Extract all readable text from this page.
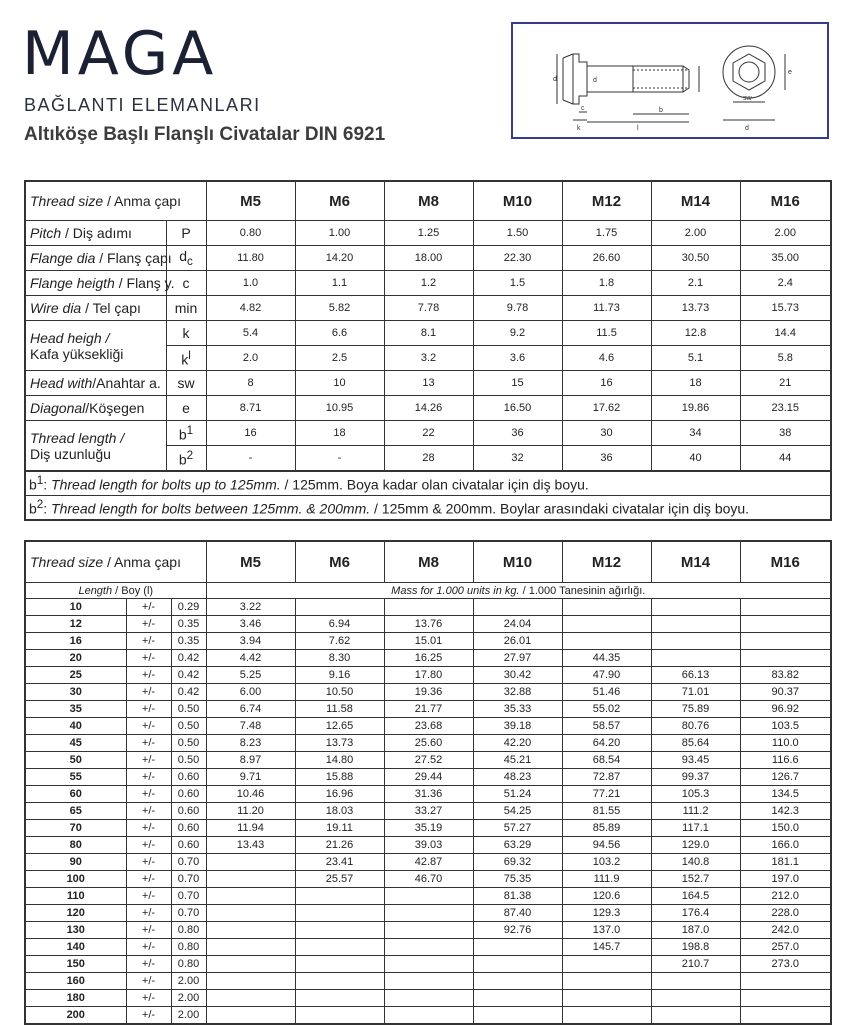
MAGA
BAĞLANTI ELEMANLARI
Altıköşe Başlı Flanşlı Civatalar DIN 6921
d	d
c
k
b
l
e
sw
d
Thread size / Anma çapı		M5	M6	M8	M10	M12	M14	M16
Pitch / Diş adımı	P	0.80	1.00	1.25	1.50	1.75	2.00	2.00
Flange dia / Flanş çapı	$d_c$	11.80	14.20	18.00	22.30	26.60	30.50	35.00
Flange heigth / Flanş y.	c	1.0	1.1	1.2	1.5	1.8	2.1	2.4
Wire dia / Tel çapı	min	4.82	5.82	7.78	9.78	11.73	13.73	15.73
Head heigh /
Kafa yüksekliği	k	5.4	6.6	8.1	9.2	11.5	12.8	14.4
	$k^l$	2.0	2.5	3.2	3.6	4.6	5.1	5.8
Head with/Anahtar a.	sw	8	10	13	15	16	18	21
Diagonal/Köşegen	e	8.71	10.95	14.26	16.50	17.62	19.86	23.15
Thread length /
Diş uzunluğu	$b^1$	16	18	22	36	30	34	38
	$b^2$	-	-	28	32	36	40	44
$b^1$: Thread length for bolts up to 125mm. / 125mm. Boya kadar olan civatalar için diş boyu.								
$b^2$: Thread length for bolts between 125mm. & 200mm. / 125mm & 200mm. Boylar arasındaki civatalar için diş boyu.								
Thread size / Anma çapı			M5	M6	M8	M10	M12	M14	M16
Length / Boy (l)			Mass for 1.000 units in kg. / 1.000 Tanesinin ağırlığı.						
10	+/-	0.29	3.22						
12	+/-	0.35	3.46	6.94	13.76	24.04			
16	+/-	0.35	3.94	7.62	15.01	26.01			
20	+/-	0.42	4.42	8.30	16.25	27.97	44.35		
25	+/-	0.42	5.25	9.16	17.80	30.42	47.90	66.13	83.82
30	+/-	0.42	6.00	10.50	19.36	32.88	51.46	71.01	90.37
35	+/-	0.50	6.74	11.58	21.77	35.33	55.02	75.89	96.92
40	+/-	0.50	7.48	12.65	23.68	39.18	58.57	80.76	103.5
45	+/-	0.50	8.23	13.73	25.60	42.20	64.20	85.64	110.0
50	+/-	0.50	8.97	14.80	27.52	45.21	68.54	93.45	116.6
55	+/-	0.60	9.71	15.88	29.44	48.23	72.87	99.37	126.7
60	+/-	0.60	10.46	16.96	31.36	51.24	77.21	105.3	134.5
65	+/-	0.60	11.20	18.03	33.27	54.25	81.55	111.2	142.3
70	+/-	0.60	11.94	19.11	35.19	57.27	85.89	117.1	150.0
80	+/-	0.60	13.43	21.26	39.03	63.29	94.56	129.0	166.0
90	+/-	0.70		23.41	42.87	69.32	103.2	140.8	181.1
100	+/-	0.70		25.57	46.70	75.35	111.9	152.7	197.0
110	+/-	0.70				81.38	120.6	164.5	212.0
120	+/-	0.70				87.40	129.3	176.4	228.0
130	+/-	0.80				92.76	137.0	187.0	242.0
140	+/-	0.80					145.7	198.8	257.0
150	+/-	0.80						210.7	273.0
160	+/-	2.00							
180	+/-	2.00							
200	+/-	2.00							
